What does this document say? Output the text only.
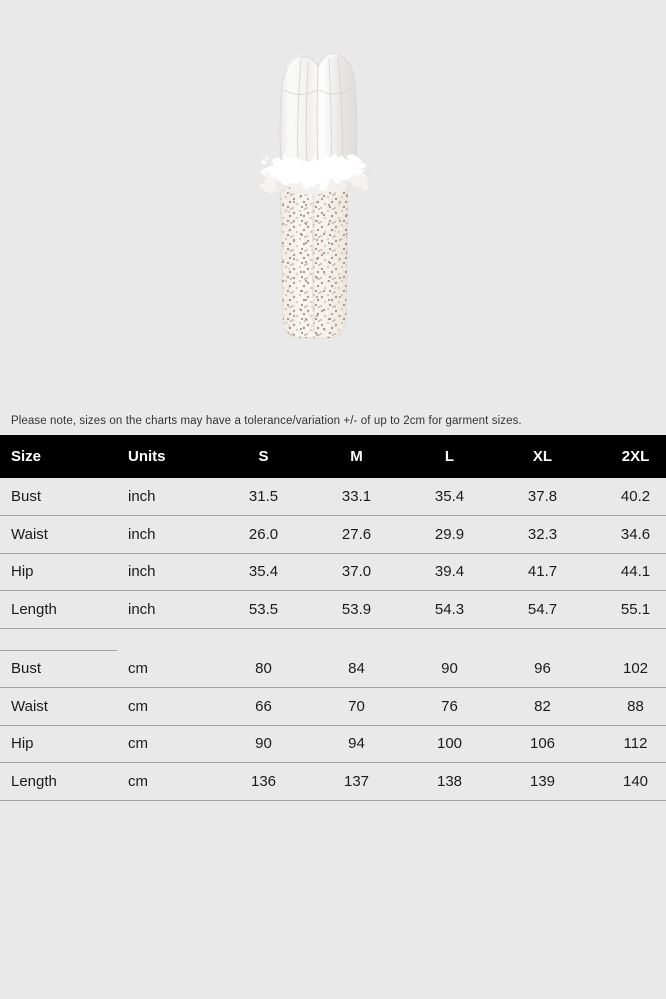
Please note, sizes on the charts may have a tolerance/variation +/- of up to 2cm for garment sizes.

Size	Units	S	M	L	XL	2XL
Bust	inch	31.5	33.1	35.4	37.8	40.2
Waist	inch	26.0	27.6	29.9	32.3	34.6
Hip	inch	35.4	37.0	39.4	41.7	44.1
Length	inch	53.5	53.9	54.3	54.7	55.1

Bust	cm	80	84	90	96	102
Waist	cm	66	70	76	82	88
Hip	cm	90	94	100	106	112
Length	cm	136	137	138	139	140
